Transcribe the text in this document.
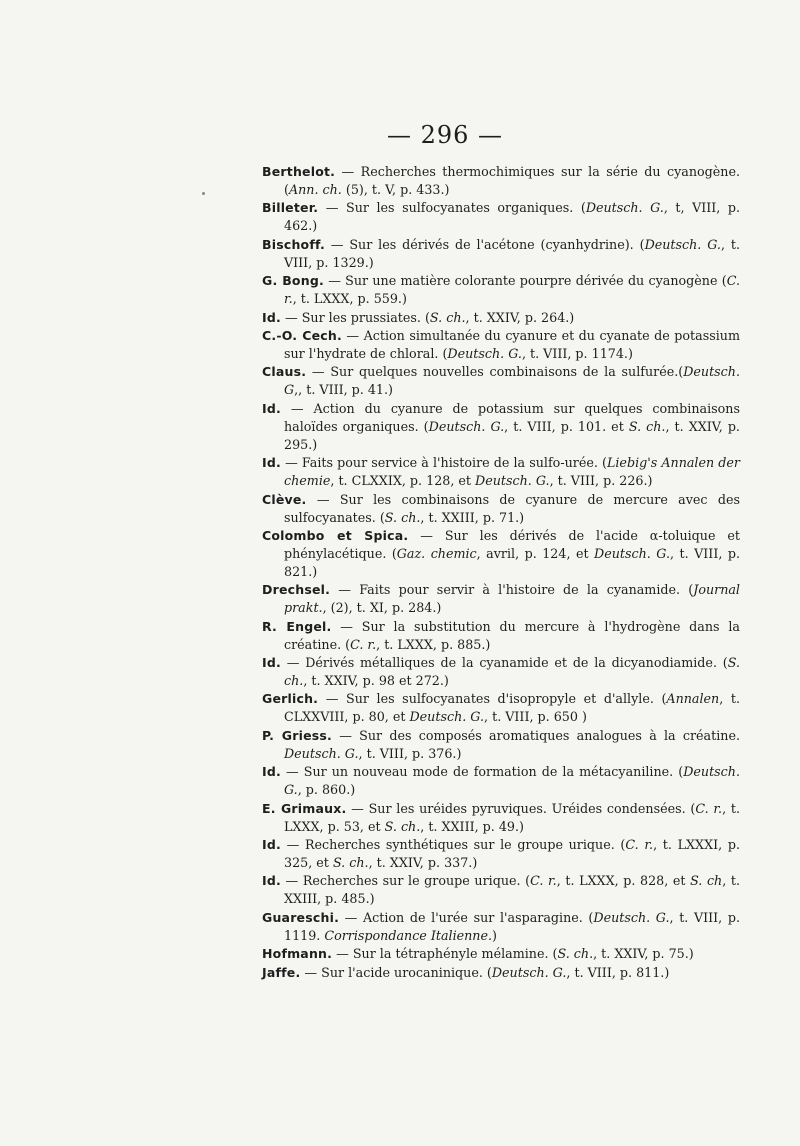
— 296 —

Berthelot. — Recherches thermochimiques sur la série du cyanogène. (Ann. ch. (5), t. V, p. 433.)

Billeter. — Sur les sulfocyanates organiques. (Deutsch. G., t, VIII, p. 462.)

Bischoff. — Sur les dérivés de l'acétone (cyanhydrine). (Deutsch. G., t. VIII, p. 1329.)

G. Bong. — Sur une matière colorante pourpre dérivée du cyanogène (C. r., t. LXXX, p. 559.)

Id. — Sur les prussiates. (S. ch., t. XXIV, p. 264.)

C.-O. Cech. — Action simultanée du cyanure et du cyanate de potassium sur l'hydrate de chloral. (Deutsch. G., t. VIII, p. 1174.)

Claus. — Sur quelques nouvelles combinaisons de la sulfurée.(Deutsch. G,, t. VIII, p. 41.)

Id. — Action du cyanure de potassium sur quelques combinaisons haloïdes organiques. (Deutsch. G., t. VIII, p. 101. et S. ch., t. XXIV, p. 295.)

Id. — Faits pour service à l'histoire de la sulfo-urée. (Liebig's Annalen der chemie, t. CLXXIX, p. 128, et Deutsch. G., t. VIII, p. 226.)

Clève. — Sur les combinaisons de cyanure de mercure avec des sulfocyanates. (S. ch., t. XXIII, p. 71.)

Colombo et Spica. — Sur les dérivés de l'acide α-toluique et phénylacétique. (Gaz. chemic, avril, p. 124, et Deutsch. G., t. VIII, p. 821.)

Drechsel. — Faits pour servir à l'histoire de la cyanamide. (Journal prakt., (2), t. XI, p. 284.)

R. Engel. — Sur la substitution du mercure à l'hydrogène dans la créatine. (C. r., t. LXXX, p. 885.)

Id. — Dérivés métalliques de la cyanamide et de la dicyanodiamide. (S. ch., t. XXIV, p. 98 et 272.)

Gerlich. — Sur les sulfocyanates d'isopropyle et d'allyle. (Annalen, t. CLXXVIII, p. 80, et Deutsch. G., t. VIII, p. 650 )

P. Griess. — Sur des composés aromatiques analogues à la créatine. Deutsch. G., t. VIII, p. 376.)

Id. — Sur un nouveau mode de formation de la métacyaniline. (Deutsch. G., p. 860.)

E. Grimaux. — Sur les uréides pyruviques. Uréides condensées. (C. r., t. LXXX, p. 53, et S. ch., t. XXIII, p. 49.)

Id. — Recherches synthétiques sur le groupe urique. (C. r., t. LXXXI, p. 325, et S. ch., t. XXIV, p. 337.)

Id. — Recherches sur le groupe urique. (C. r., t. LXXX, p. 828, et S. ch, t. XXIII, p. 485.)

Guareschi. — Action de l'urée sur l'asparagine. (Deutsch. G., t. VIII, p. 1119. Corrispondance Italienne.)

Hofmann. — Sur la tétraphényle mélamine. (S. ch., t. XXIV, p. 75.)

Jaffe. — Sur l'acide urocaninique. (Deutsch. G., t. VIII, p. 811.)
